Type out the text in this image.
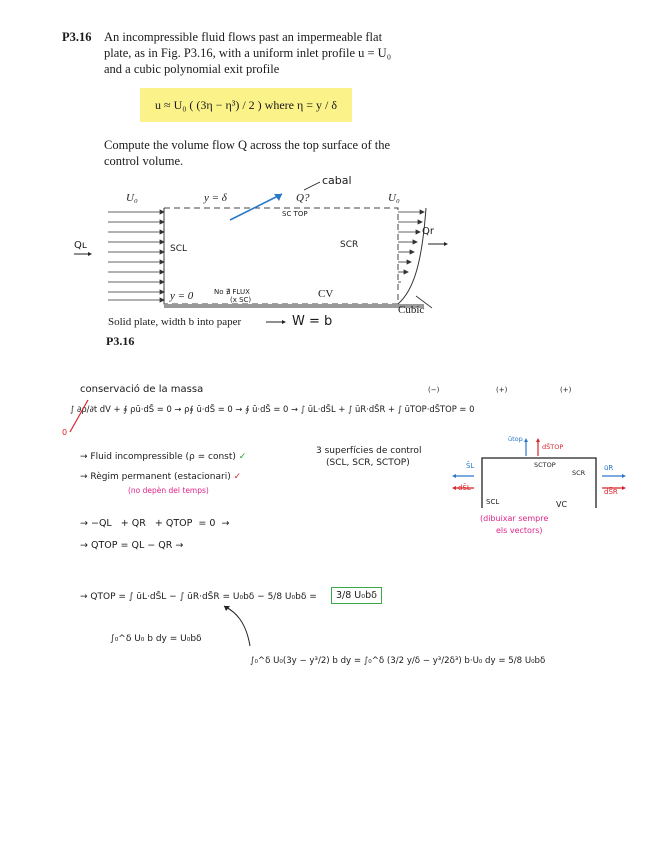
P3.16 An incompressible fluid flows past an impermeable flat
plate, as in Fig. P3.16, with a uniform inlet profile u = U₀
and a cubic polynomial exit profile
u ≈ U₀ ( (3η − η³) / 2 ) where η = y / δ
Compute the volume flow Q across the top surface of the
control volume.
U₀	y = δ	Q?
cabal
SC TOP
U₀
Qʟ
Qr
SCL	SCR
y = 0	No ∄ FLUX
(x SC)	CV
Cubic
Solid plate, width b into paper	W = b
P3.16
conservació de la massa	(−)	(+)	(+)
∫ ∂ρ/∂t dV + ∮ ρū·dS̄ = 0 → ρ∮ ū·dS̄ = 0 → ∮ ū·dS̄ = 0 → ∫ ūL·dS̄L + ∫ ūR·dS̄R + ∫ ūTOP·dS̄TOP = 0
0
→ Fluid incompressible (ρ = const) ✓
→ Règim permanent (estacionari) ✓
(no depèn del temps)
3 superfícies de control
(SCL, SCR, SCTOP)	S̄L
dS̄L
ūtop
dS̄TOP
SCTOP
SCR
ūR
dS̄R
SCL	VC
(dibuixar sempre
els vectors)
→ −QL   + QR   + QTOP  = 0  →
→ QTOP = QL − QR →
→ QTOP = ∫ ūL·dS̄L − ∫ ūR·dS̄R = U₀bδ − 5/8 U₀bδ =	3/8 U₀bδ
∫₀^δ U₀ b dy = U₀bδ
∫₀^δ U₀(3y − y³/2) b dy = ∫₀^δ (3/2 y/δ − y³/2δ³) b·U₀ dy = 5/8 U₀bδ
